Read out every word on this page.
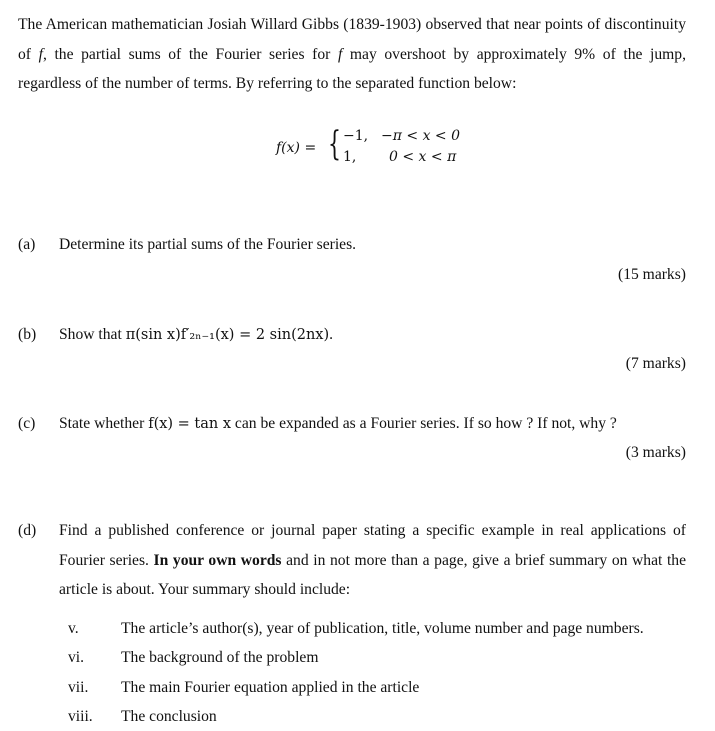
The American mathematician Josiah Willard Gibbs (1839-1903) observed that near points of discontinuity of f, the partial sums of the Fourier series for f may overshoot by approximately 9% of the jump, regardless of the number of terms. By referring to the separated function below:

f(x) = { −1, −π < x < 0
1, 0 < x < π
(a) Determine its partial sums of the Fourier series.
(15 marks)
(b) Show that π(sin x)f′₂ₙ₋₁(x) = 2 sin(2nx).
(7 marks)
(c) State whether f(x) = tan x can be expanded as a Fourier series. If so how ? If not, why ?
(3 marks)
(d) Find a published conference or journal paper stating a specific example in real applications of Fourier series. In your own words and in not more than a page, give a brief summary on what the article is about. Your summary should include:
v.	The article’s author(s), year of publication, title, volume number and page numbers.
vi. The background of the problem
vii. The main Fourier equation applied in the article
viii. The conclusion
